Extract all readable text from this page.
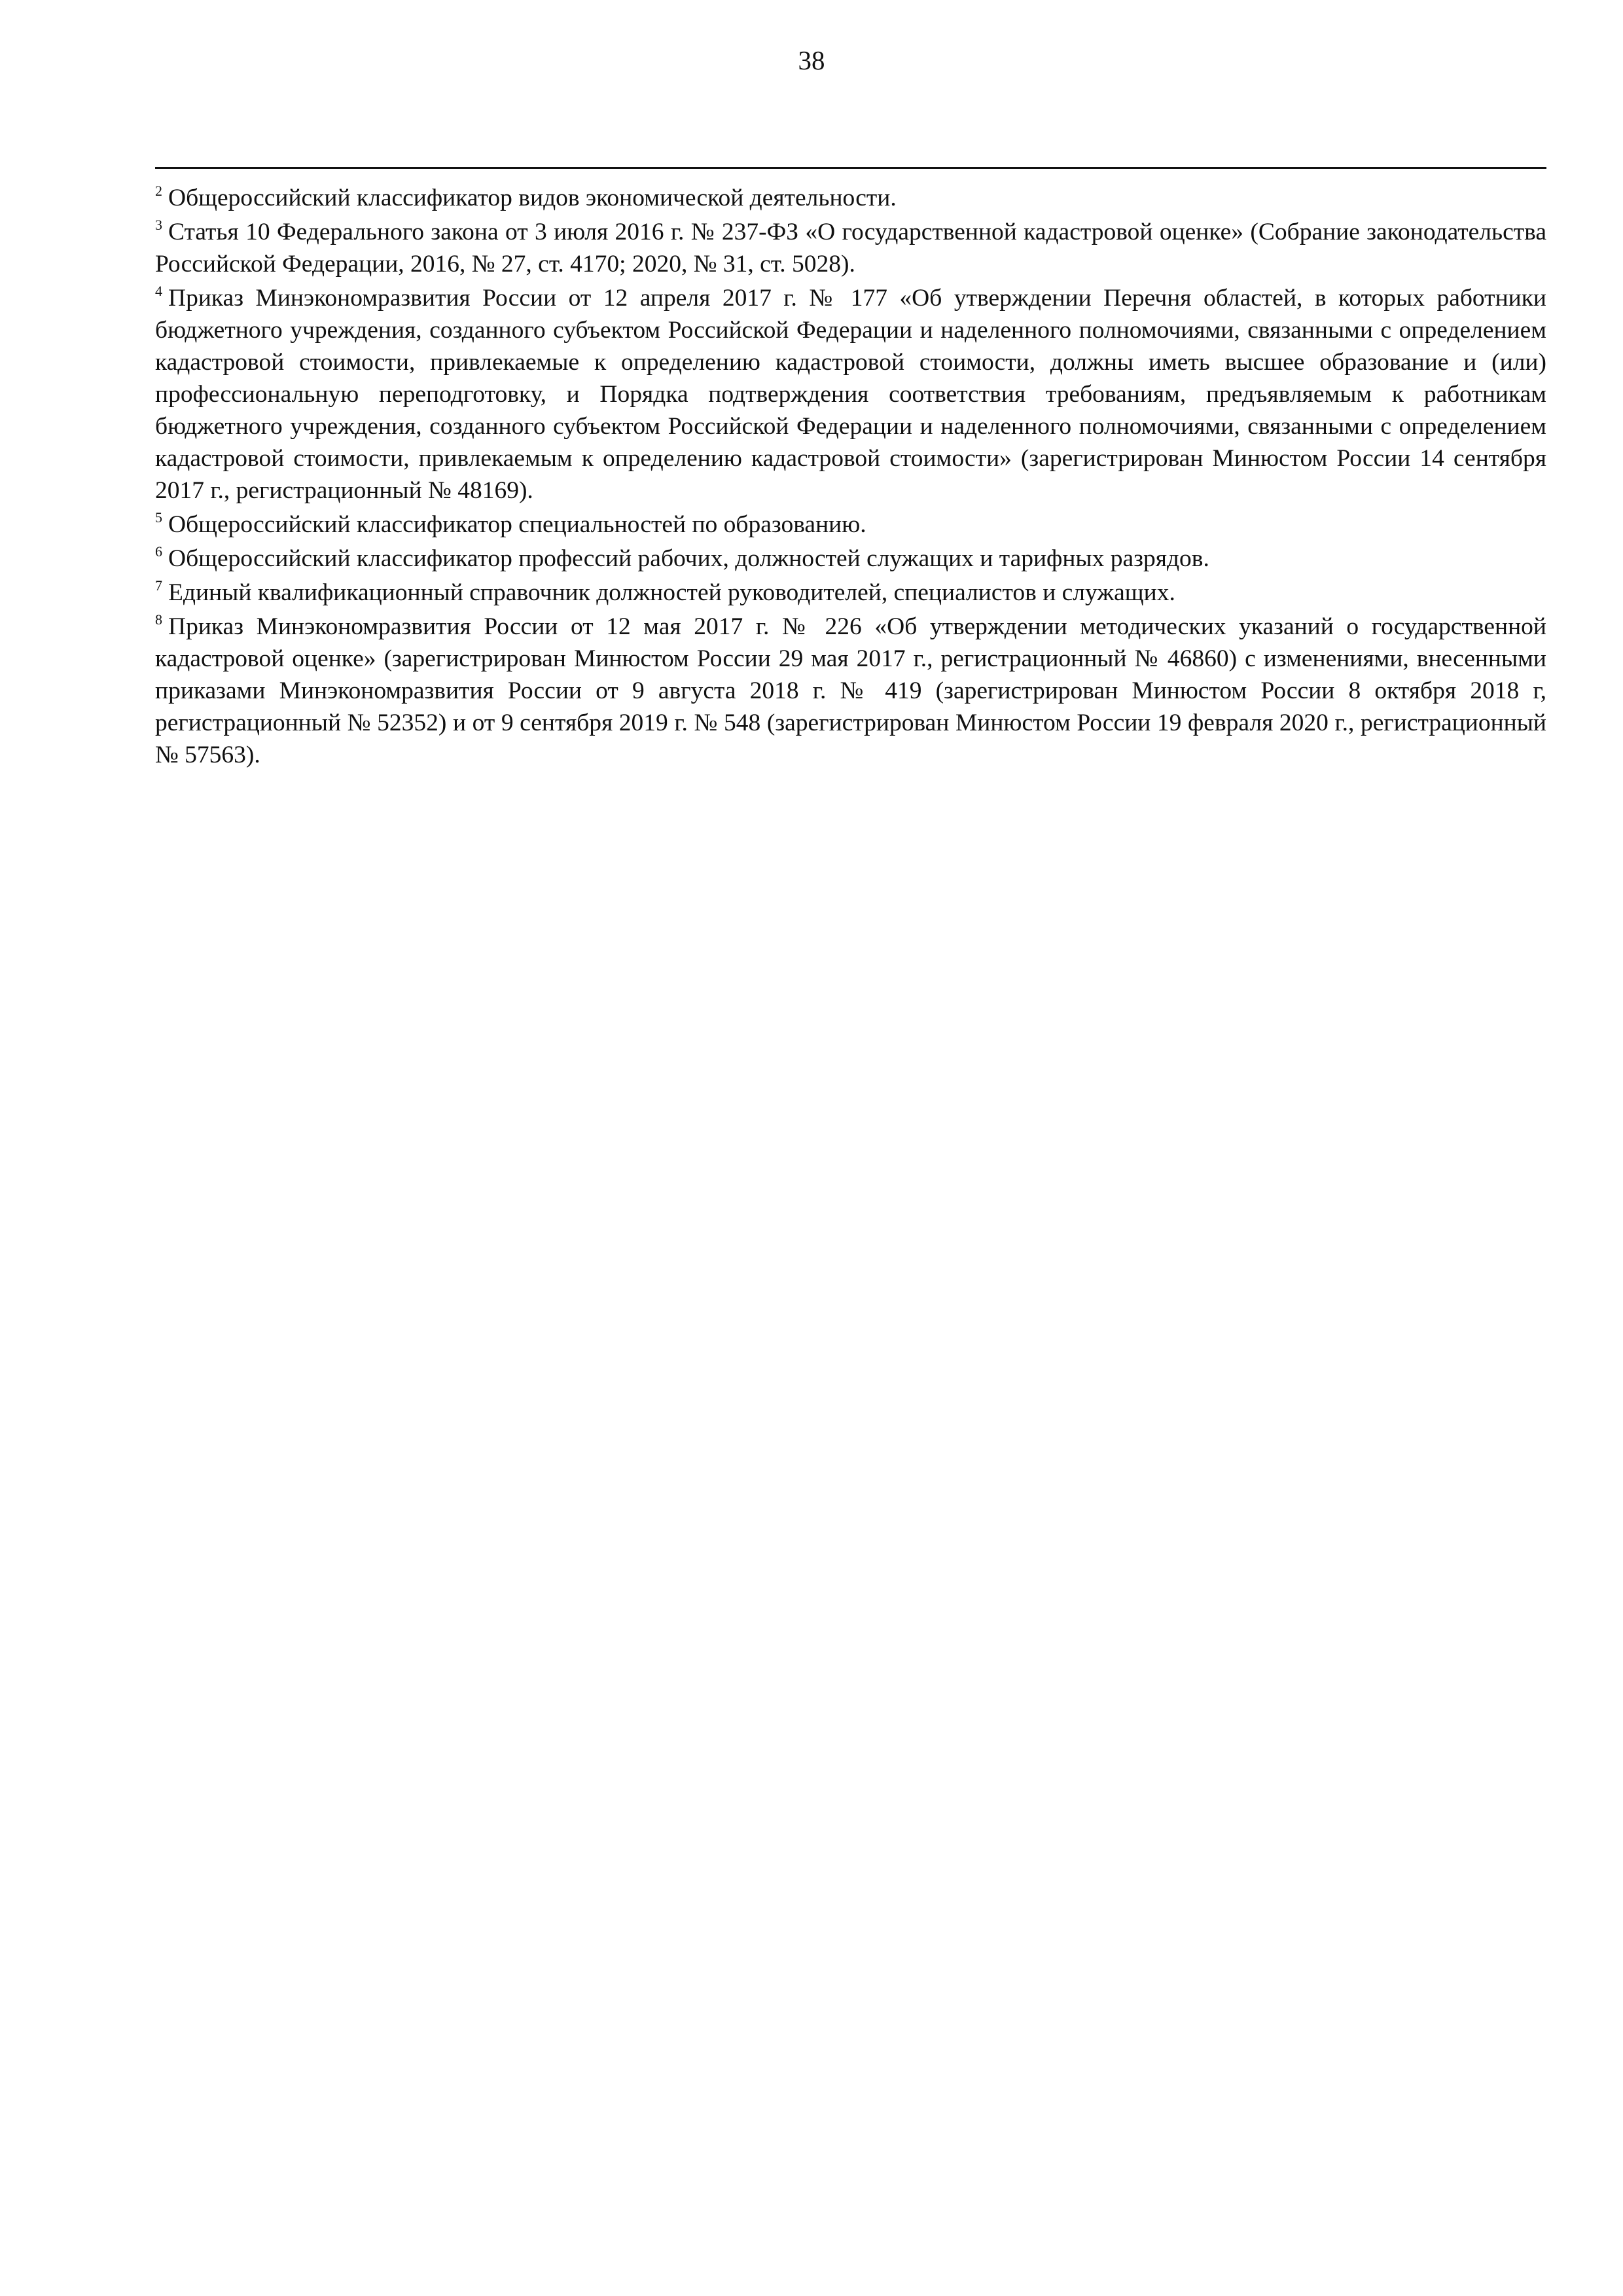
38

$^2$ Общероссийский классификатор видов экономической деятельности.

$^3$ Статья 10 Федерального закона от 3 июля 2016 г. № 237-ФЗ «О государственной кадастровой оценке» (Собрание законодательства Российской Федерации, 2016, № 27, ст. 4170; 2020, № 31, ст. 5028).

$^4$ Приказ Минэкономразвития России от 12 апреля 2017 г. № 177 «Об утверждении Перечня областей, в которых работники бюджетного учреждения, созданного субъектом Российской Федерации и наделенного полномочиями, связанными с определением кадастровой стоимости, привлекаемые к определению кадастровой стоимости, должны иметь высшее образование и (или) профессиональную переподготовку, и Порядка подтверждения соответствия требованиям, предъявляемым к работникам бюджетного учреждения, созданного субъектом Российской Федерации и наделенного полномочиями, связанными с определением кадастровой стоимости, привлекаемым к определению кадастровой стоимости» (зарегистрирован Минюстом России 14 сентября 2017 г., регистрационный № 48169).

$^5$ Общероссийский классификатор специальностей по образованию.

$^6$ Общероссийский классификатор профессий рабочих, должностей служащих и тарифных разрядов.

$^7$ Единый квалификационный справочник должностей руководителей, специалистов и служащих.

$^8$ Приказ Минэкономразвития России от 12 мая 2017 г. № 226 «Об утверждении методических указаний о государственной кадастровой оценке» (зарегистрирован Минюстом России 29 мая 2017 г., регистрационный № 46860) с изменениями, внесенными приказами Минэкономразвития России от 9 августа 2018 г. № 419 (зарегистрирован Минюстом России 8 октября 2018 г, регистрационный № 52352) и от 9 сентября 2019 г. № 548 (зарегистрирован Минюстом России 19 февраля 2020 г., регистрационный № 57563).
